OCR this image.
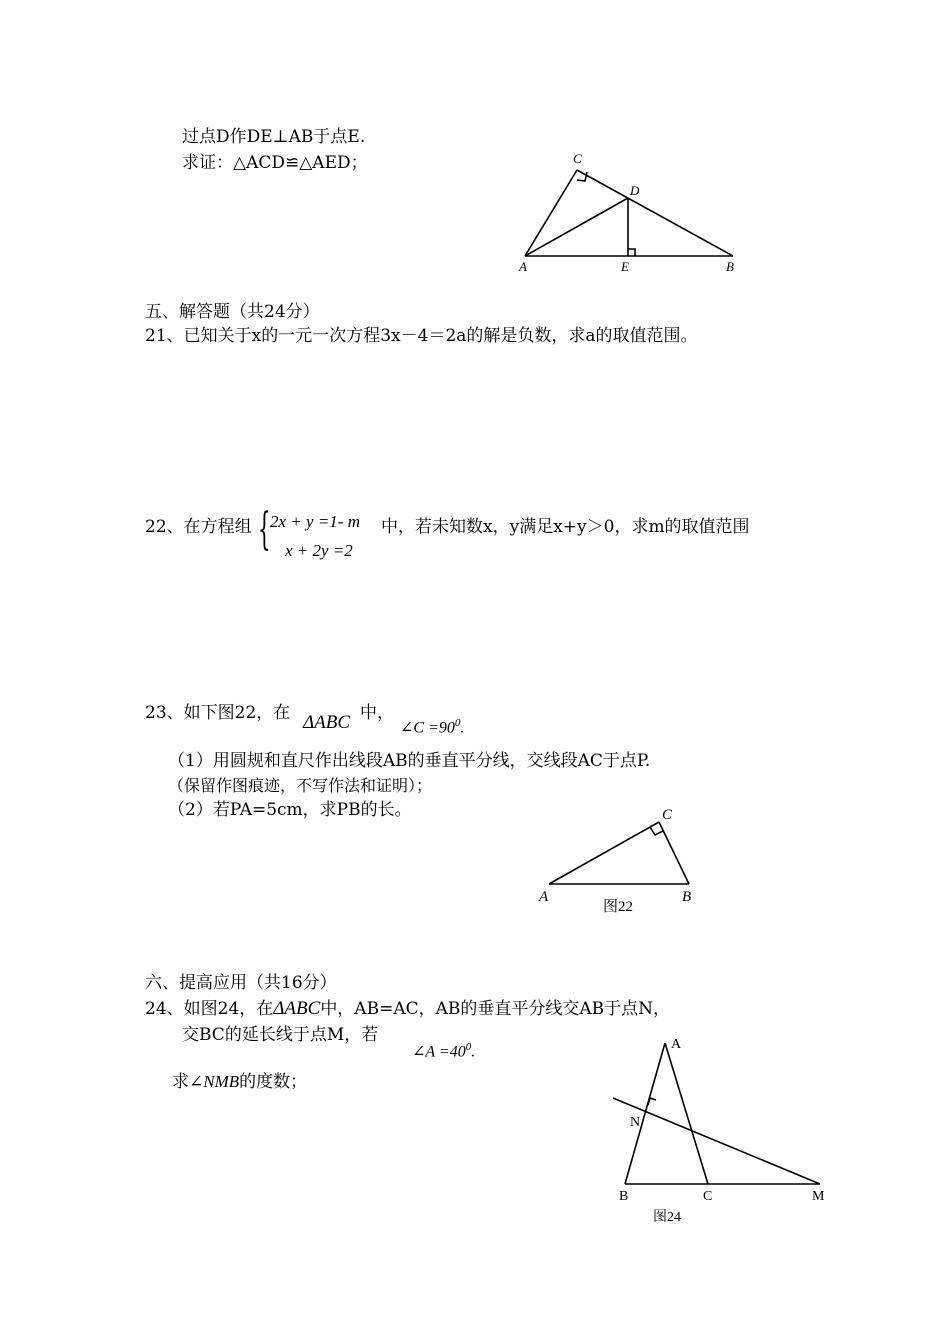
过点D作DE⊥AB于点E.
求证：△ACD≌△AED；	C
D
A	E	B
五、解答题（共24分）
21、已知关于x的一元一次方程3x－4＝2a的解是负数，求a的取值范围。
22、在方程组 { 2x + y =1- m
x + 2y =2
中，若未知数x，y满足x+y＞0，求m的取值范围
23、如下图22，在 ΔABC 中，
∠C $=90^0$.
（1）用圆规和直尺作出线段AB的垂直平分线，交线段AC于点P.
（保留作图痕迹，不写作法和证明）；
（2）若PA=5cm，求PB的长。	C
A	B
图22
六、提高应用（共16分）
24、如图24，在ΔABC中，AB=AC，AB的垂直平分线交AB于点N，
交BC的延长线于点M，若
∠A $=40^0$.
求∠NMB的度数；
A
N
B	C	M
图24
